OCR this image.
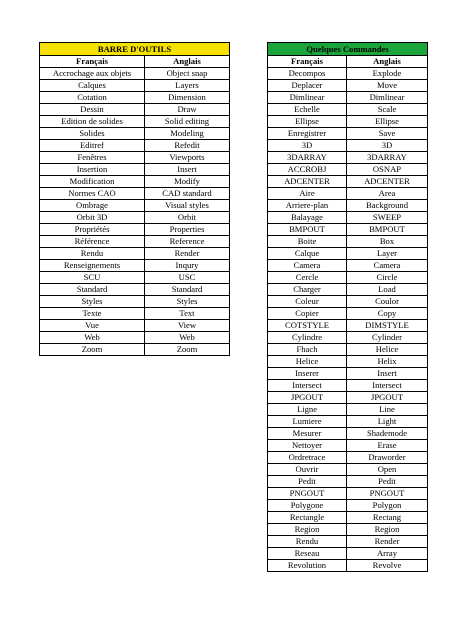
BARRE D'OUTILS	
Français	Anglais
Accrochage aux objets	Object snap
Calques	Layers
Cotation	Dimension
Dessin	Draw
Edition de solides	Solid editing
Solides	Modeling
Editref	Refedit
Fenêtres	Viewports
Insertion	Insert
Modification	Modify
Normes CAO	CAD standard
Ombrage	Visual styles
Orbit 3D	Orbit
Propriétés	Properties
Référence	Reference
Rendu	Render
Renseignements	Inqury
SCU	USC
Standard	Standard
Styles	Styles
Texte	Text
Vue	View
Web	Web
Zoom	Zoom
Quelques Commandes	
Français	Anglais
Decompos	Explode
Deplacer	Move
Dimlinear	Dimlinear
Echelle	Scale
Ellipse	Ellipse
Enregistrer	Save
3D	3D
3DARRAY	3DARRAY
ACCROBJ	OSNAP
ADCENTER	ADCENTER
Aire	Area
Arriere-plan	Background
Balayage	SWEEP
BMPOUT	BMPOUT
Boite	Box
Calque	Layer
Camera	Camera
Cercle	Circle
Charger	Load
Coleur	Coulor
Copier	Copy
COTSTYLE	DIMSTYLE
Cylindre	Cylinder
Fhach	Helice
Helice	Helix
Inserer	Insert
Intersect	Intersect
JPGOUT	JPGOUT
Ligne	Line
Lumiere	Light
Mesurer	Shademode
Nettoyer	Erase
Ordretrace	Draworder
Ouvrir	Open
Pedit	Pedit
PNGOUT	PNGOUT
Polygone	Polygon
Rectangle	Rectang
Region	Region
Rendu	Render
Reseau	Array
Revolution	Revolve
